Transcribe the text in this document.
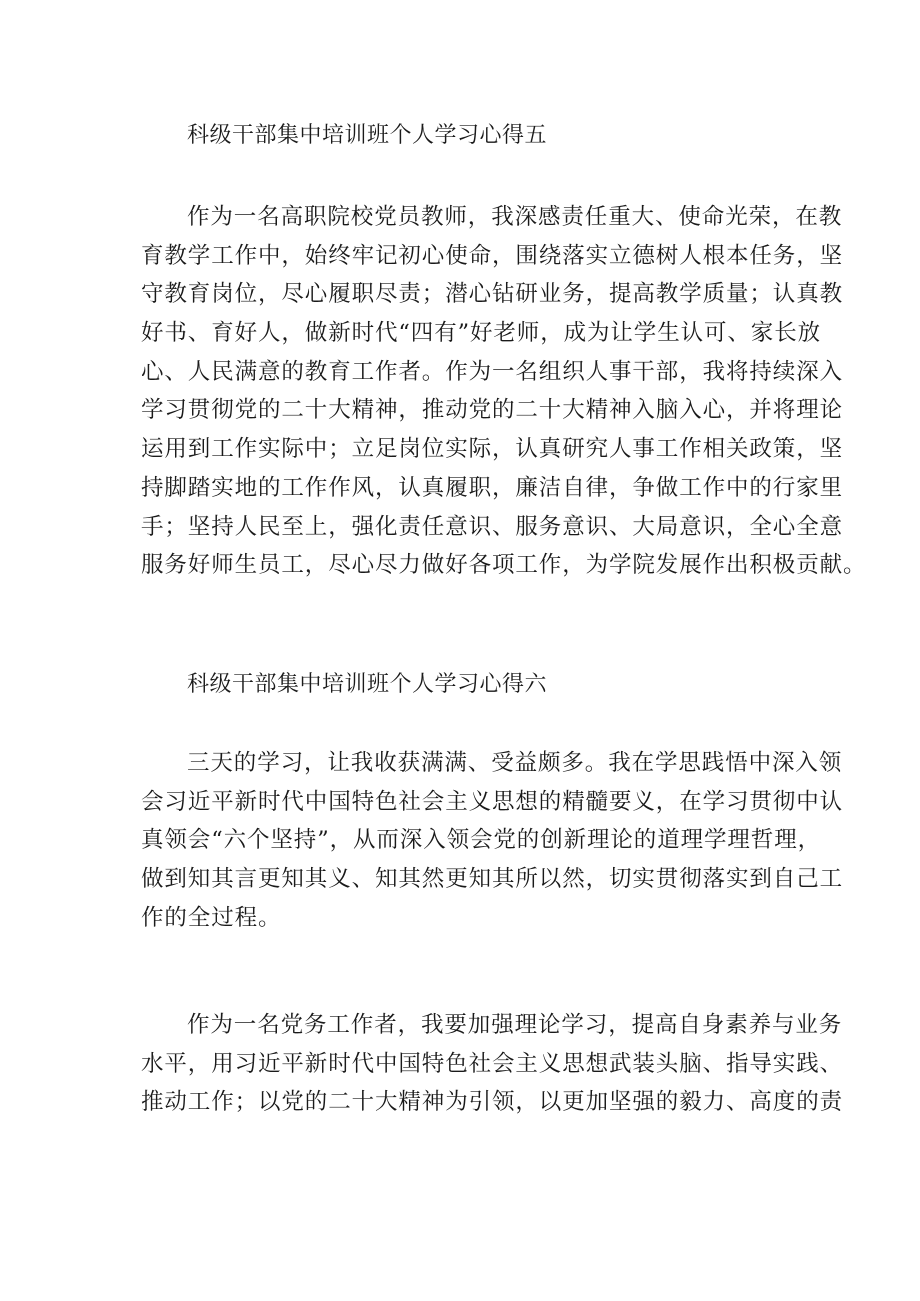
科级干部集中培训班个人学习心得五
作为一名高职院校党员教师，我深感责任重大、使命光荣，在教
育教学工作中，始终牢记初心使命，围绕落实立德树人根本任务，坚
守教育岗位，尽心履职尽责；潜心钻研业务，提高教学质量；认真教
好书、育好人，做新时代“四有”好老师，成为让学生认可、家长放
心、人民满意的教育工作者。作为一名组织人事干部，我将持续深入
学习贯彻党的二十大精神，推动党的二十大精神入脑入心，并将理论
运用到工作实际中；立足岗位实际，认真研究人事工作相关政策，坚
持脚踏实地的工作作风，认真履职，廉洁自律，争做工作中的行家里
手；坚持人民至上，强化责任意识、服务意识、大局意识，全心全意
服务好师生员工，尽心尽力做好各项工作，为学院发展作出积极贡献。
科级干部集中培训班个人学习心得六
三天的学习，让我收获满满、受益颇多。我在学思践悟中深入领
会习近平新时代中国特色社会主义思想的精髓要义，在学习贯彻中认
真领会“六个坚持”，从而深入领会党的创新理论的道理学理哲理，
做到知其言更知其义、知其然更知其所以然，切实贯彻落实到自己工
作的全过程。
作为一名党务工作者，我要加强理论学习，提高自身素养与业务
水平，用习近平新时代中国特色社会主义思想武装头脑、指导实践、
推动工作；以党的二十大精神为引领，以更加坚强的毅力、高度的责
